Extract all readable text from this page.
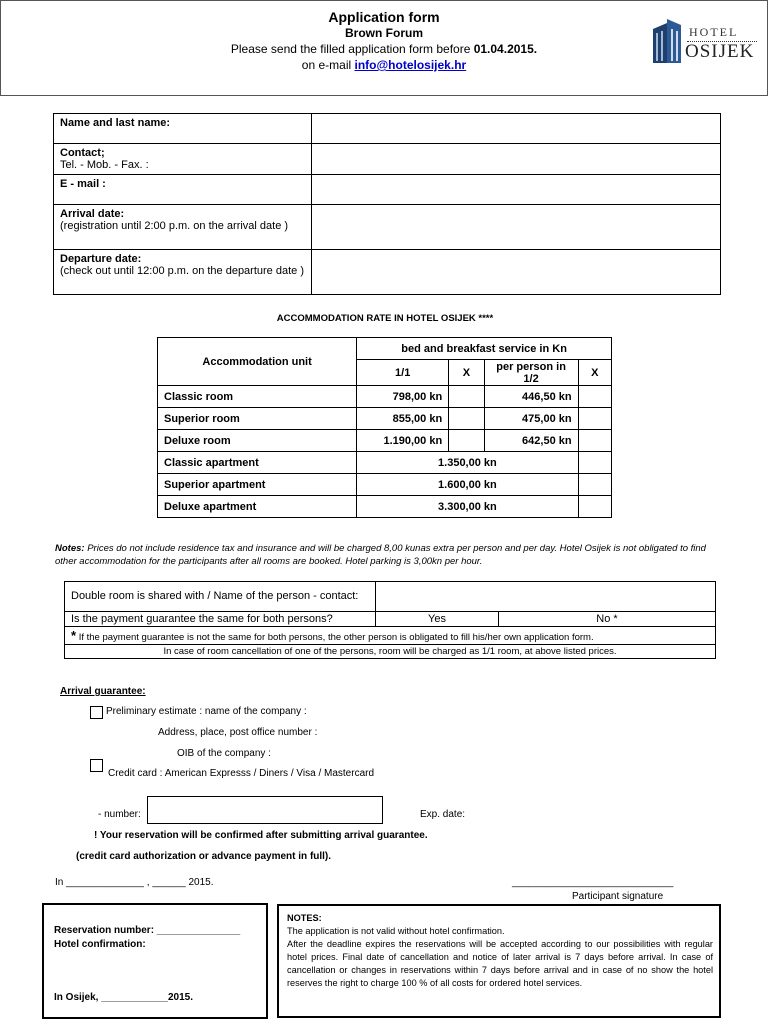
Application form
Brown Forum
Please send the filled application form before 01.04.2015.
on e-mail info@hotelosijek.hr
HOTEL
OSIJEK
Name and last name:	

Contact;
Tel. - Mob. - Fax. :	

E - mail :	

Arrival date:
(registration until 2:00 p.m. on the arrival date )	

Departure date:
(check out until 12:00 p.m. on the departure date )	

ACCOMMODATION RATE IN HOTEL OSIJEK ****
Accommodation unit	bed and breakfast service in Kn			
	1/1	X	per person in 1/2	X
Classic room	798,00 kn		446,50 kn	
Superior room	855,00 kn		475,00 kn	
Deluxe room	1.190,00 kn		642,50 kn	
Classic apartment	1.350,00 kn			
Superior apartment	1.600,00 kn			
Deluxe apartment	3.300,00 kn			
Notes: Prices do not include residence tax and insurance and will be charged 8,00 kunas extra per person and per day. Hotel Osijek is not obligated to find other accommodation for the participants after all rooms are booked. Hotel parking is 3,00kn per hour.
Double room is shared with / Name of the person - contact:		
Is the payment guarantee the same for both persons?	Yes	No *
* If the payment guarantee is not the same for both persons, the other person is obligated to fill his/her own application form.		
In case of room cancellation of one of the persons, room will be charged as 1/1 room, at above listed prices.		
Arrival guarantee:
Preliminary estimate : name of the company :
Address, place, post office number :
OIB of the company :
Credit card : American Expresss / Diners / Visa / Mastercard
- number:	Exp. date:
! Your reservation will be confirmed after submitting arrival guarantee.
(credit card authorization or advance payment in full).
In ______________ , ______ 2015.	_____________________________
Participant signature
Reservation number: _______________
Hotel confirmation:
In Osijek, ____________2015.
NOTES:
The application is not valid without hotel confirmation.
After the deadline expires the reservations will be accepted according to our possibilities with regular hotel prices. Final date of cancellation and notice of later arrival is 7 days before arrival. In case of cancellation or changes in reservations within 7 days before arrival and in case of no show the hotel reserves the right to charge 100 % of all costs for ordered hotel services.
